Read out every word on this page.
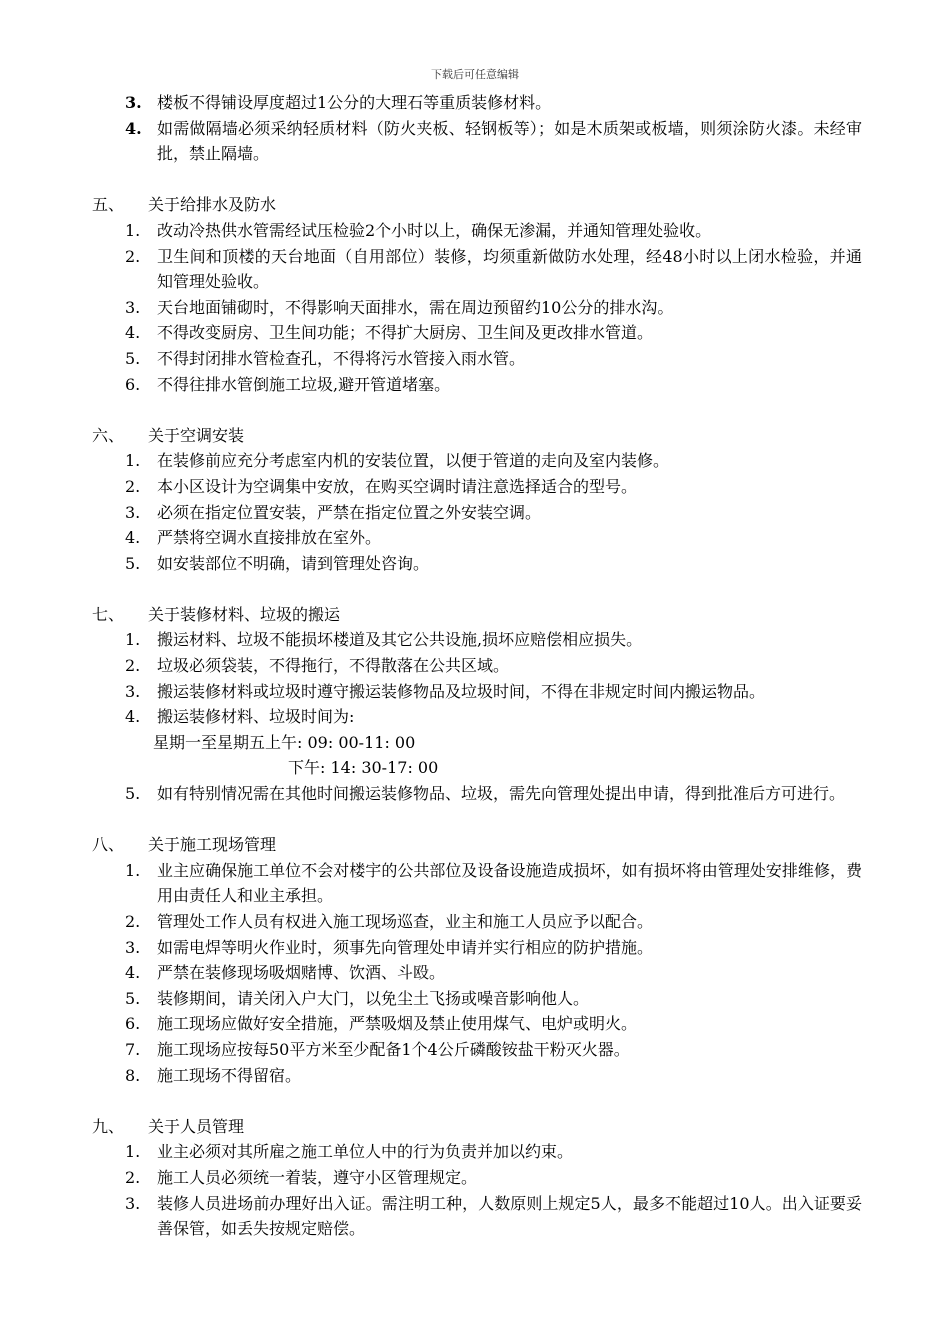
下载后可任意编辑
3. 楼板不得铺设厚度超过1公分的大理石等重质装修材料。
4. 如需做隔墙必须采纳轻质材料（防火夹板、轻钢板等）；如是木质架或板墙，则须涂防火漆。未经审批，禁止隔墙。
五、	关于给排水及防水
1.	改动冷热供水管需经试压检验2个小时以上，确保无渗漏，并通知管理处验收。
2.	卫生间和顶楼的天台地面（自用部位）装修，均须重新做防水处理，经48小时以上闭水检验，并通知管理处验收。
3.	天台地面铺砌时，不得影响天面排水，需在周边预留约10公分的排水沟。
4.	不得改变厨房、卫生间功能；不得扩大厨房、卫生间及更改排水管道。
5.	不得封闭排水管检查孔，不得将污水管接入雨水管。
6.	不得往排水管倒施工垃圾,避开管道堵塞。
六、	关于空调安装
1.	在装修前应充分考虑室内机的安装位置，以便于管道的走向及室内装修。
2.	本小区设计为空调集中安放，在购买空调时请注意选择适合的型号。
3.	必须在指定位置安装，严禁在指定位置之外安装空调。
4.	严禁将空调水直接排放在室外。
5.	如安装部位不明确，请到管理处咨询。
七、	关于装修材料、垃圾的搬运
1.	搬运材料、垃圾不能损坏楼道及其它公共设施,损坏应赔偿相应损失。
2.	垃圾必须袋装，不得拖行，不得散落在公共区域。
3.	搬运装修材料或垃圾时遵守搬运装修物品及垃圾时间，不得在非规定时间内搬运物品。
4.	搬运装修材料、垃圾时间为:
星期一至星期五上午: 09: 00-11: 00
下午: 14: 30-17: 00
5.	如有特别情况需在其他时间搬运装修物品、垃圾，需先向管理处提出申请，得到批准后方可进行。
八、	关于施工现场管理
1.	业主应确保施工单位不会对楼宇的公共部位及设备设施造成损坏，如有损坏将由管理处安排维修，费用由责任人和业主承担。
2.	管理处工作人员有权进入施工现场巡查，业主和施工人员应予以配合。
3.	如需电焊等明火作业时，须事先向管理处申请并实行相应的防护措施。
4.	严禁在装修现场吸烟赌博、饮酒、斗殴。
5.	装修期间，请关闭入户大门，以免尘土飞扬或噪音影响他人。
6.	施工现场应做好安全措施，严禁吸烟及禁止使用煤气、电炉或明火。
7.	施工现场应按每50平方米至少配备1个4公斤磷酸铵盐干粉灭火器。
8.	施工现场不得留宿。
九、	关于人员管理
1.	业主必须对其所雇之施工单位人中的行为负责并加以约束。
2.	施工人员必须统一着装，遵守小区管理规定。
3.	装修人员进场前办理好出入证。需注明工种，人数原则上规定5人，最多不能超过10人。出入证要妥善保管，如丢失按规定赔偿。
